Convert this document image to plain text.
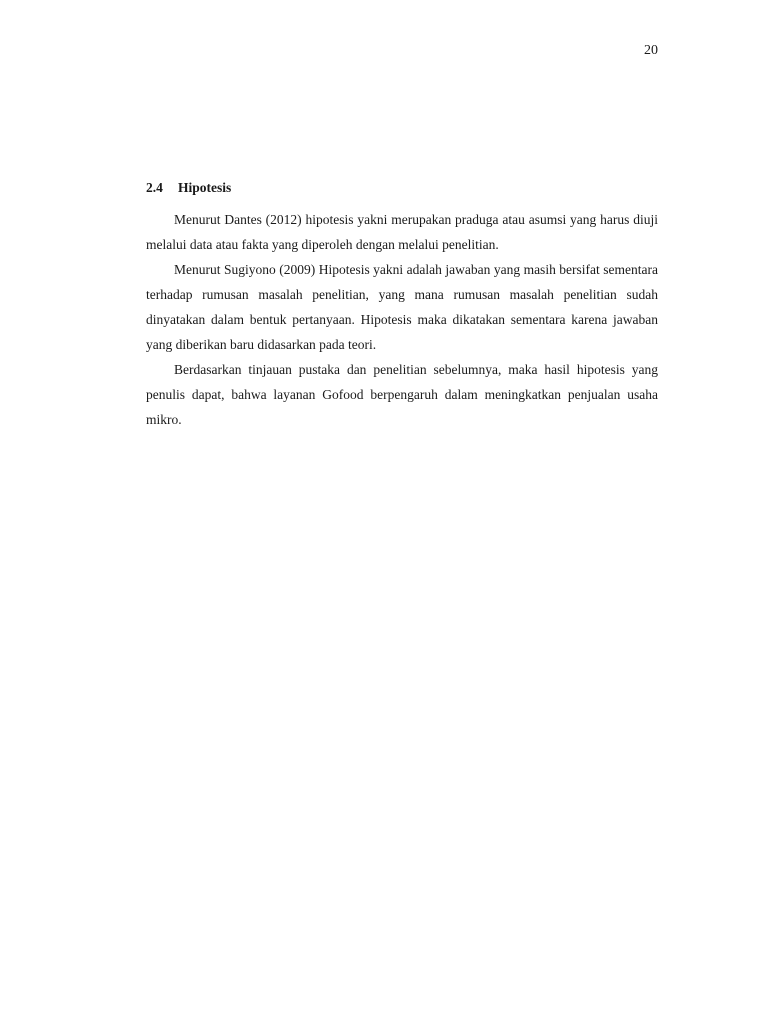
20
2.4 Hipotesis

Menurut Dantes (2012) hipotesis yakni merupakan praduga atau asumsi yang harus diuji melalui data atau fakta yang diperoleh dengan melalui penelitian.

Menurut Sugiyono (2009) Hipotesis yakni adalah jawaban yang masih bersifat sementara terhadap rumusan masalah penelitian, yang mana rumusan masalah penelitian sudah dinyatakan dalam bentuk pertanyaan. Hipotesis maka dikatakan sementara karena jawaban yang diberikan baru didasarkan pada teori.

Berdasarkan tinjauan pustaka dan penelitian sebelumnya, maka hasil hipotesis yang penulis dapat, bahwa layanan Gofood berpengaruh dalam meningkatkan penjualan usaha mikro.
